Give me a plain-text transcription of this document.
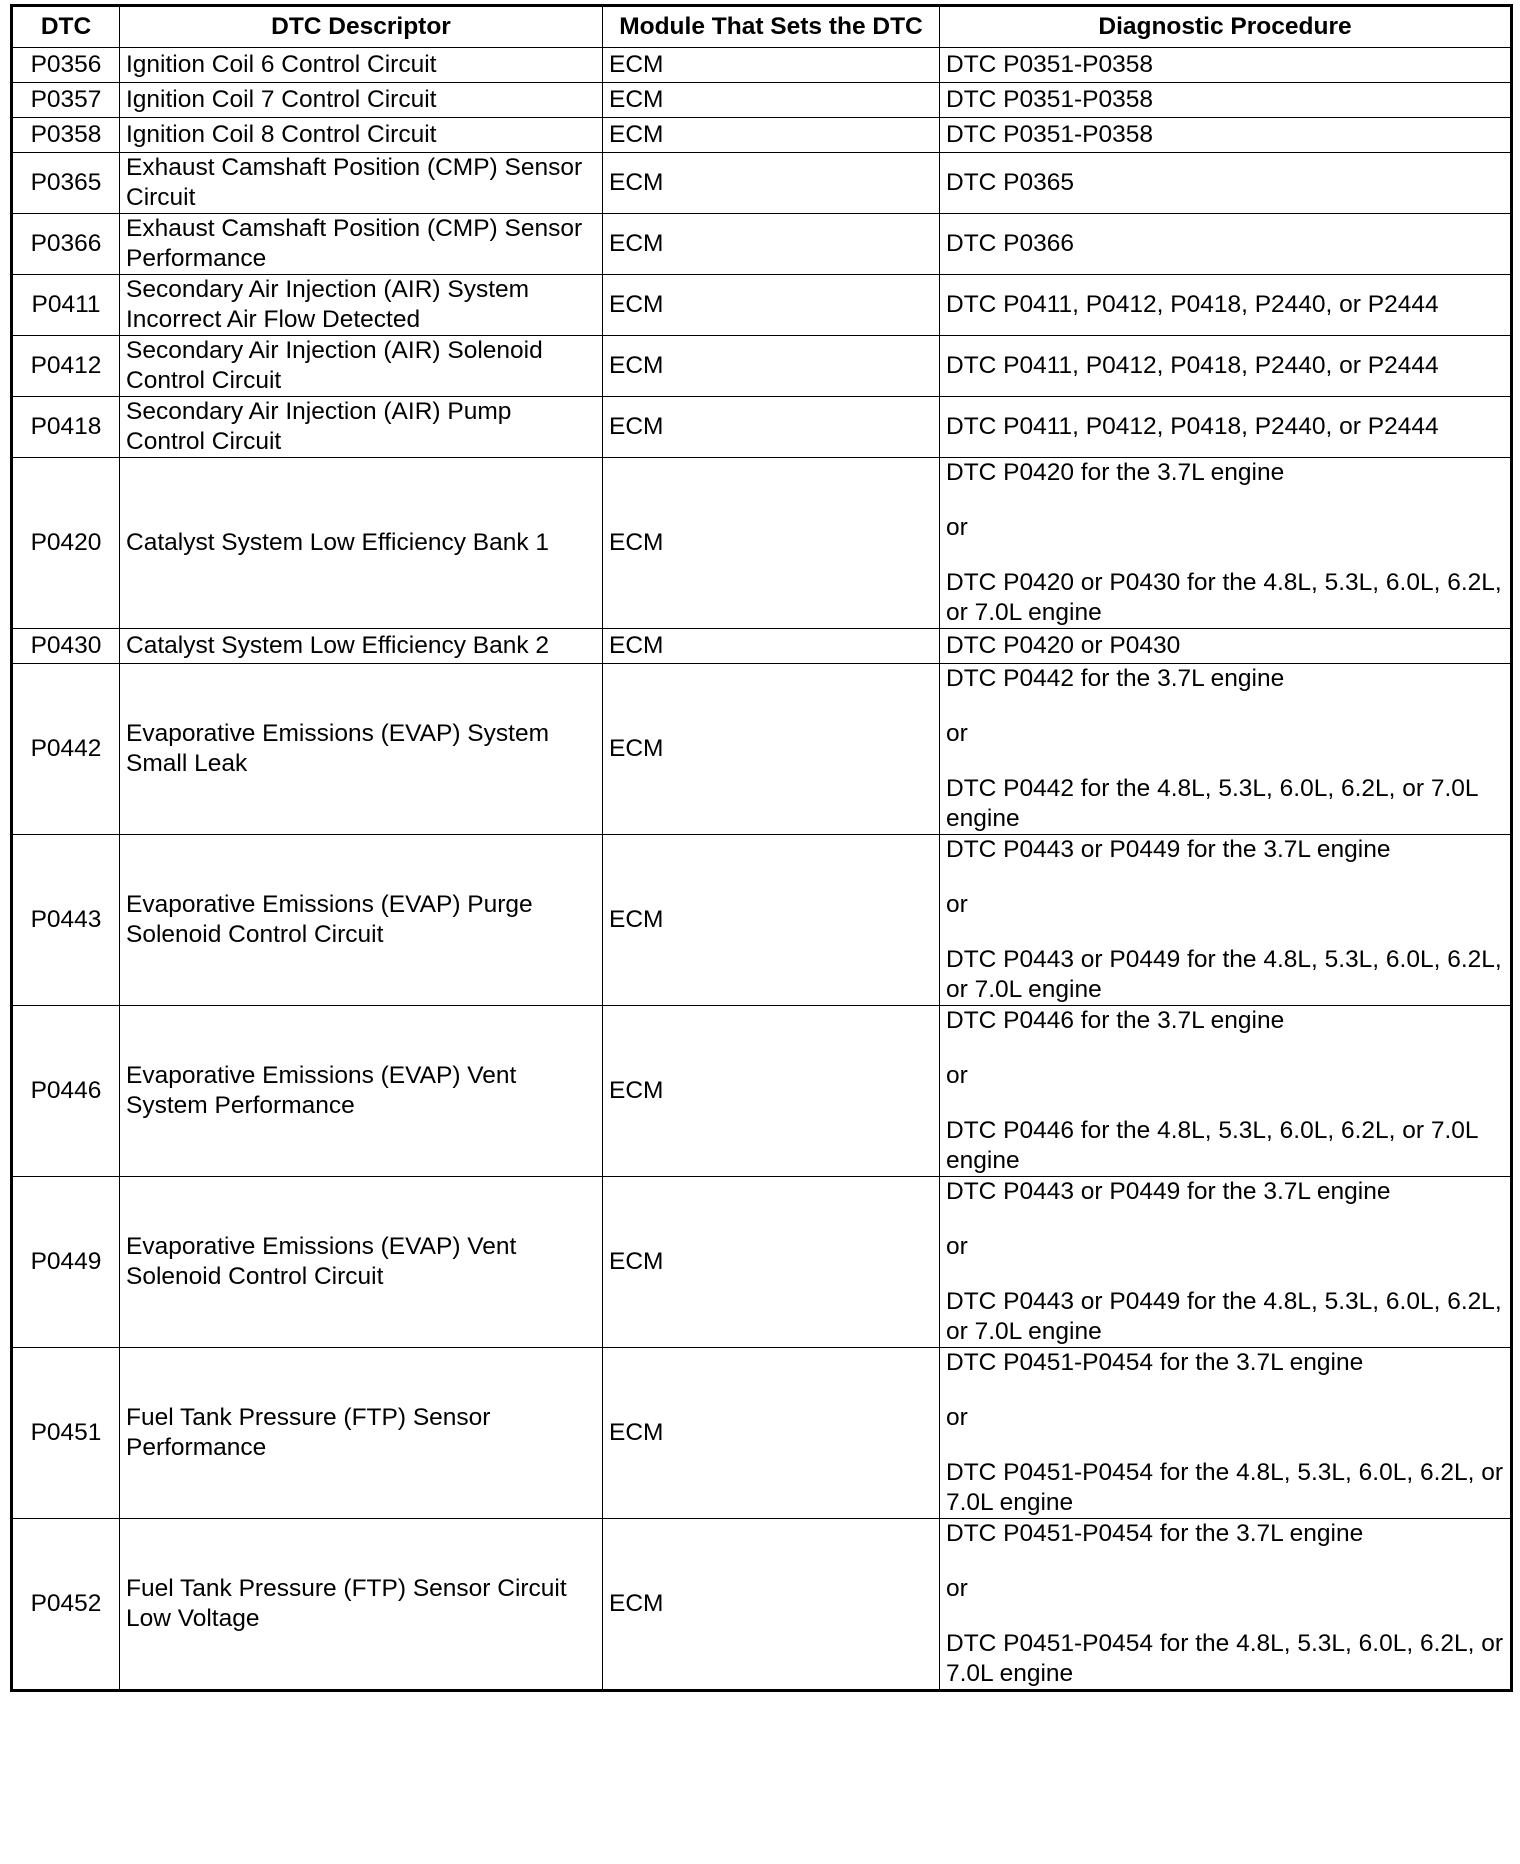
DTC	DTC Descriptor	Module That Sets the DTC	Diagnostic Procedure
P0356	Ignition Coil 6 Control Circuit	ECM	DTC P0351-P0358

P0357	Ignition Coil 7 Control Circuit	ECM	DTC P0351-P0358

P0358	Ignition Coil 8 Control Circuit	ECM	DTC P0351-P0358

P0365	Exhaust Camshaft Position (CMP) Sensor Circuit	ECM	DTC P0365

P0366	Exhaust Camshaft Position (CMP) Sensor Performance	ECM	DTC P0366

P0411	Secondary Air Injection (AIR) System Incorrect Air Flow Detected	ECM	DTC P0411, P0412, P0418, P2440, or P2444

P0412	Secondary Air Injection (AIR) Solenoid Control Circuit	ECM	DTC P0411, P0412, P0418, P2440, or P2444

P0418	Secondary Air Injection (AIR) Pump Control Circuit	ECM	DTC P0411, P0412, P0418, P2440, or P2444

P0420	Catalyst System Low Efficiency Bank 1	ECM	DTC P0420 for the 3.7L engine
or
DTC P0420 or P0430 for the 4.8L, 5.3L, 6.0L, 6.2L, or 7.0L engine

P0430	Catalyst System Low Efficiency Bank 2	ECM	DTC P0420 or P0430

P0442	Evaporative Emissions (EVAP) System Small Leak	ECM	DTC P0442 for the 3.7L engine
or
DTC P0442 for the 4.8L, 5.3L, 6.0L, 6.2L, or 7.0L engine

P0443	Evaporative Emissions (EVAP) Purge Solenoid Control Circuit	ECM	DTC P0443 or P0449 for the 3.7L engine
or
DTC P0443 or P0449 for the 4.8L, 5.3L, 6.0L, 6.2L, or 7.0L engine

P0446	Evaporative Emissions (EVAP) Vent System Performance	ECM	DTC P0446 for the 3.7L engine
or
DTC P0446 for the 4.8L, 5.3L, 6.0L, 6.2L, or 7.0L engine

P0449	Evaporative Emissions (EVAP) Vent Solenoid Control Circuit	ECM	DTC P0443 or P0449 for the 3.7L engine
or
DTC P0443 or P0449 for the 4.8L, 5.3L, 6.0L, 6.2L, or 7.0L engine

P0451	Fuel Tank Pressure (FTP) Sensor Performance	ECM	DTC P0451-P0454 for the 3.7L engine
or
DTC P0451-P0454 for the 4.8L, 5.3L, 6.0L, 6.2L, or 7.0L engine

P0452	Fuel Tank Pressure (FTP) Sensor Circuit Low Voltage	ECM	DTC P0451-P0454 for the 3.7L engine
or
DTC P0451-P0454 for the 4.8L, 5.3L, 6.0L, 6.2L, or 7.0L engine
